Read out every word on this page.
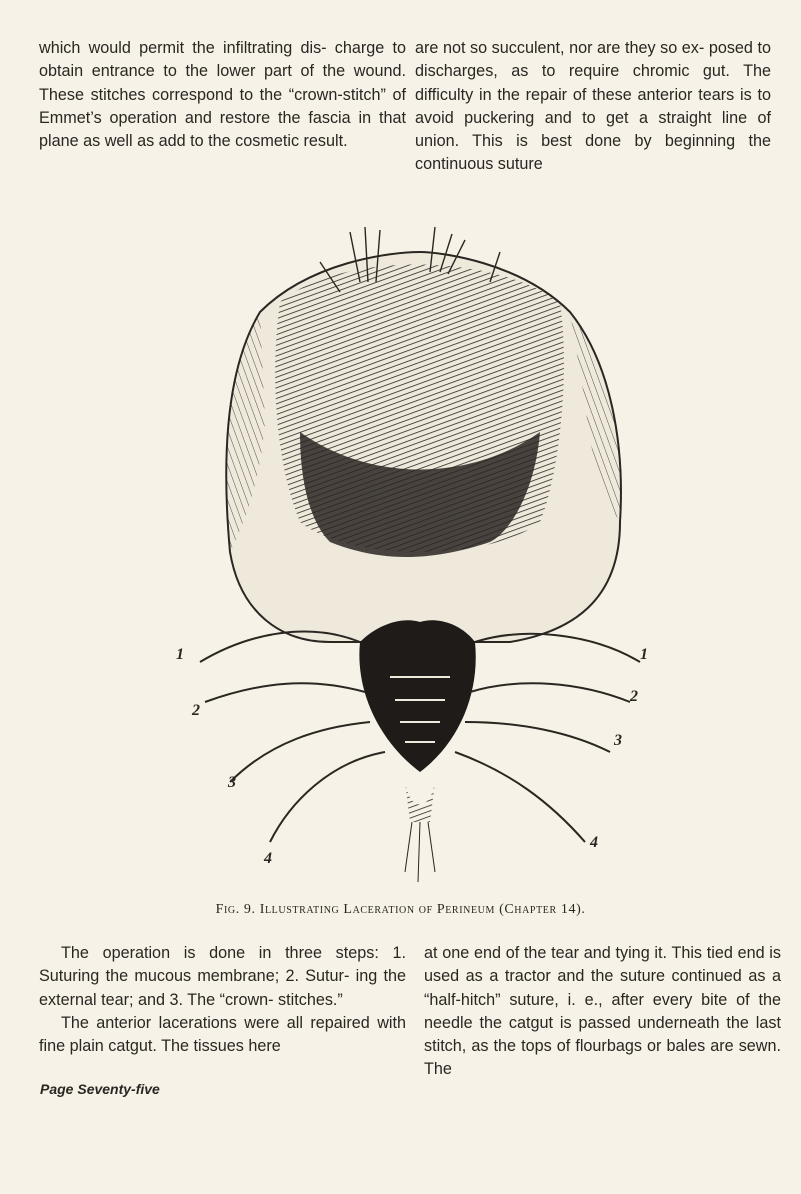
which would permit the infiltrating dis- charge to obtain entrance to the lower part of the wound. These stitches correspond to the “crown-stitch” of Emmet’s operation and restore the fascia in that plane as well as add to the cosmetic result.

are not so succulent, nor are they so ex- posed to discharges, as to require chromic gut. The difficulty in the repair of these anterior tears is to avoid puckering and to get a straight line of union. This is best done by beginning the continuous suture

1
2
3
4
1
2
3
4
Fig. 9. Illustrating Laceration of Perineum (Chapter 14).

The operation is done in three steps: 1. Suturing the mucous membrane; 2. Sutur- ing the external tear; and 3. The “crown- stitches.”

The anterior lacerations were all repaired with fine plain catgut. The tissues here

at one end of the tear and tying it. This tied end is used as a tractor and the suture continued as a “half-hitch” suture, i. e., after every bite of the needle the catgut is passed underneath the last stitch, as the tops of flourbags or bales are sewn. The

Page Seventy-five
